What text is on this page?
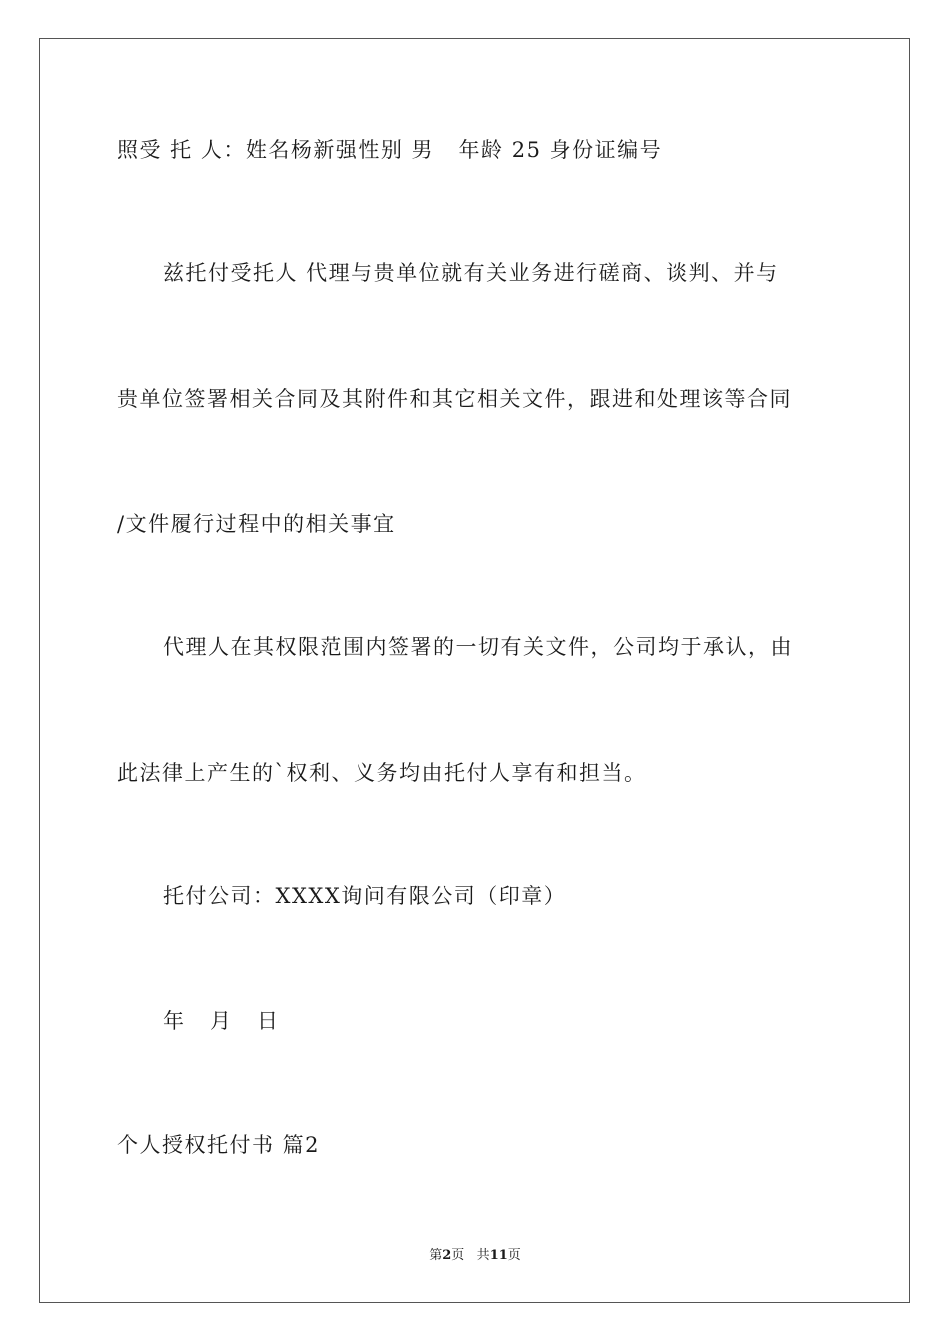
照受 托 人：姓名杨新强性别 男   年龄 25 身份证编号
兹托付受托人 代理与贵单位就有关业务进行磋商、谈判、并与
贵单位签署相关合同及其附件和其它相关文件，跟进和处理该等合同
/文件履行过程中的相关事宜
代理人在其权限范围内签署的一切有关文件，公司均于承认，由
此法律上产生的`权利、义务均由托付人享有和担当。
托付公司：XXXX询问有限公司（印章）
年   月   日
个人授权托付书 篇2
第2页 共11页
